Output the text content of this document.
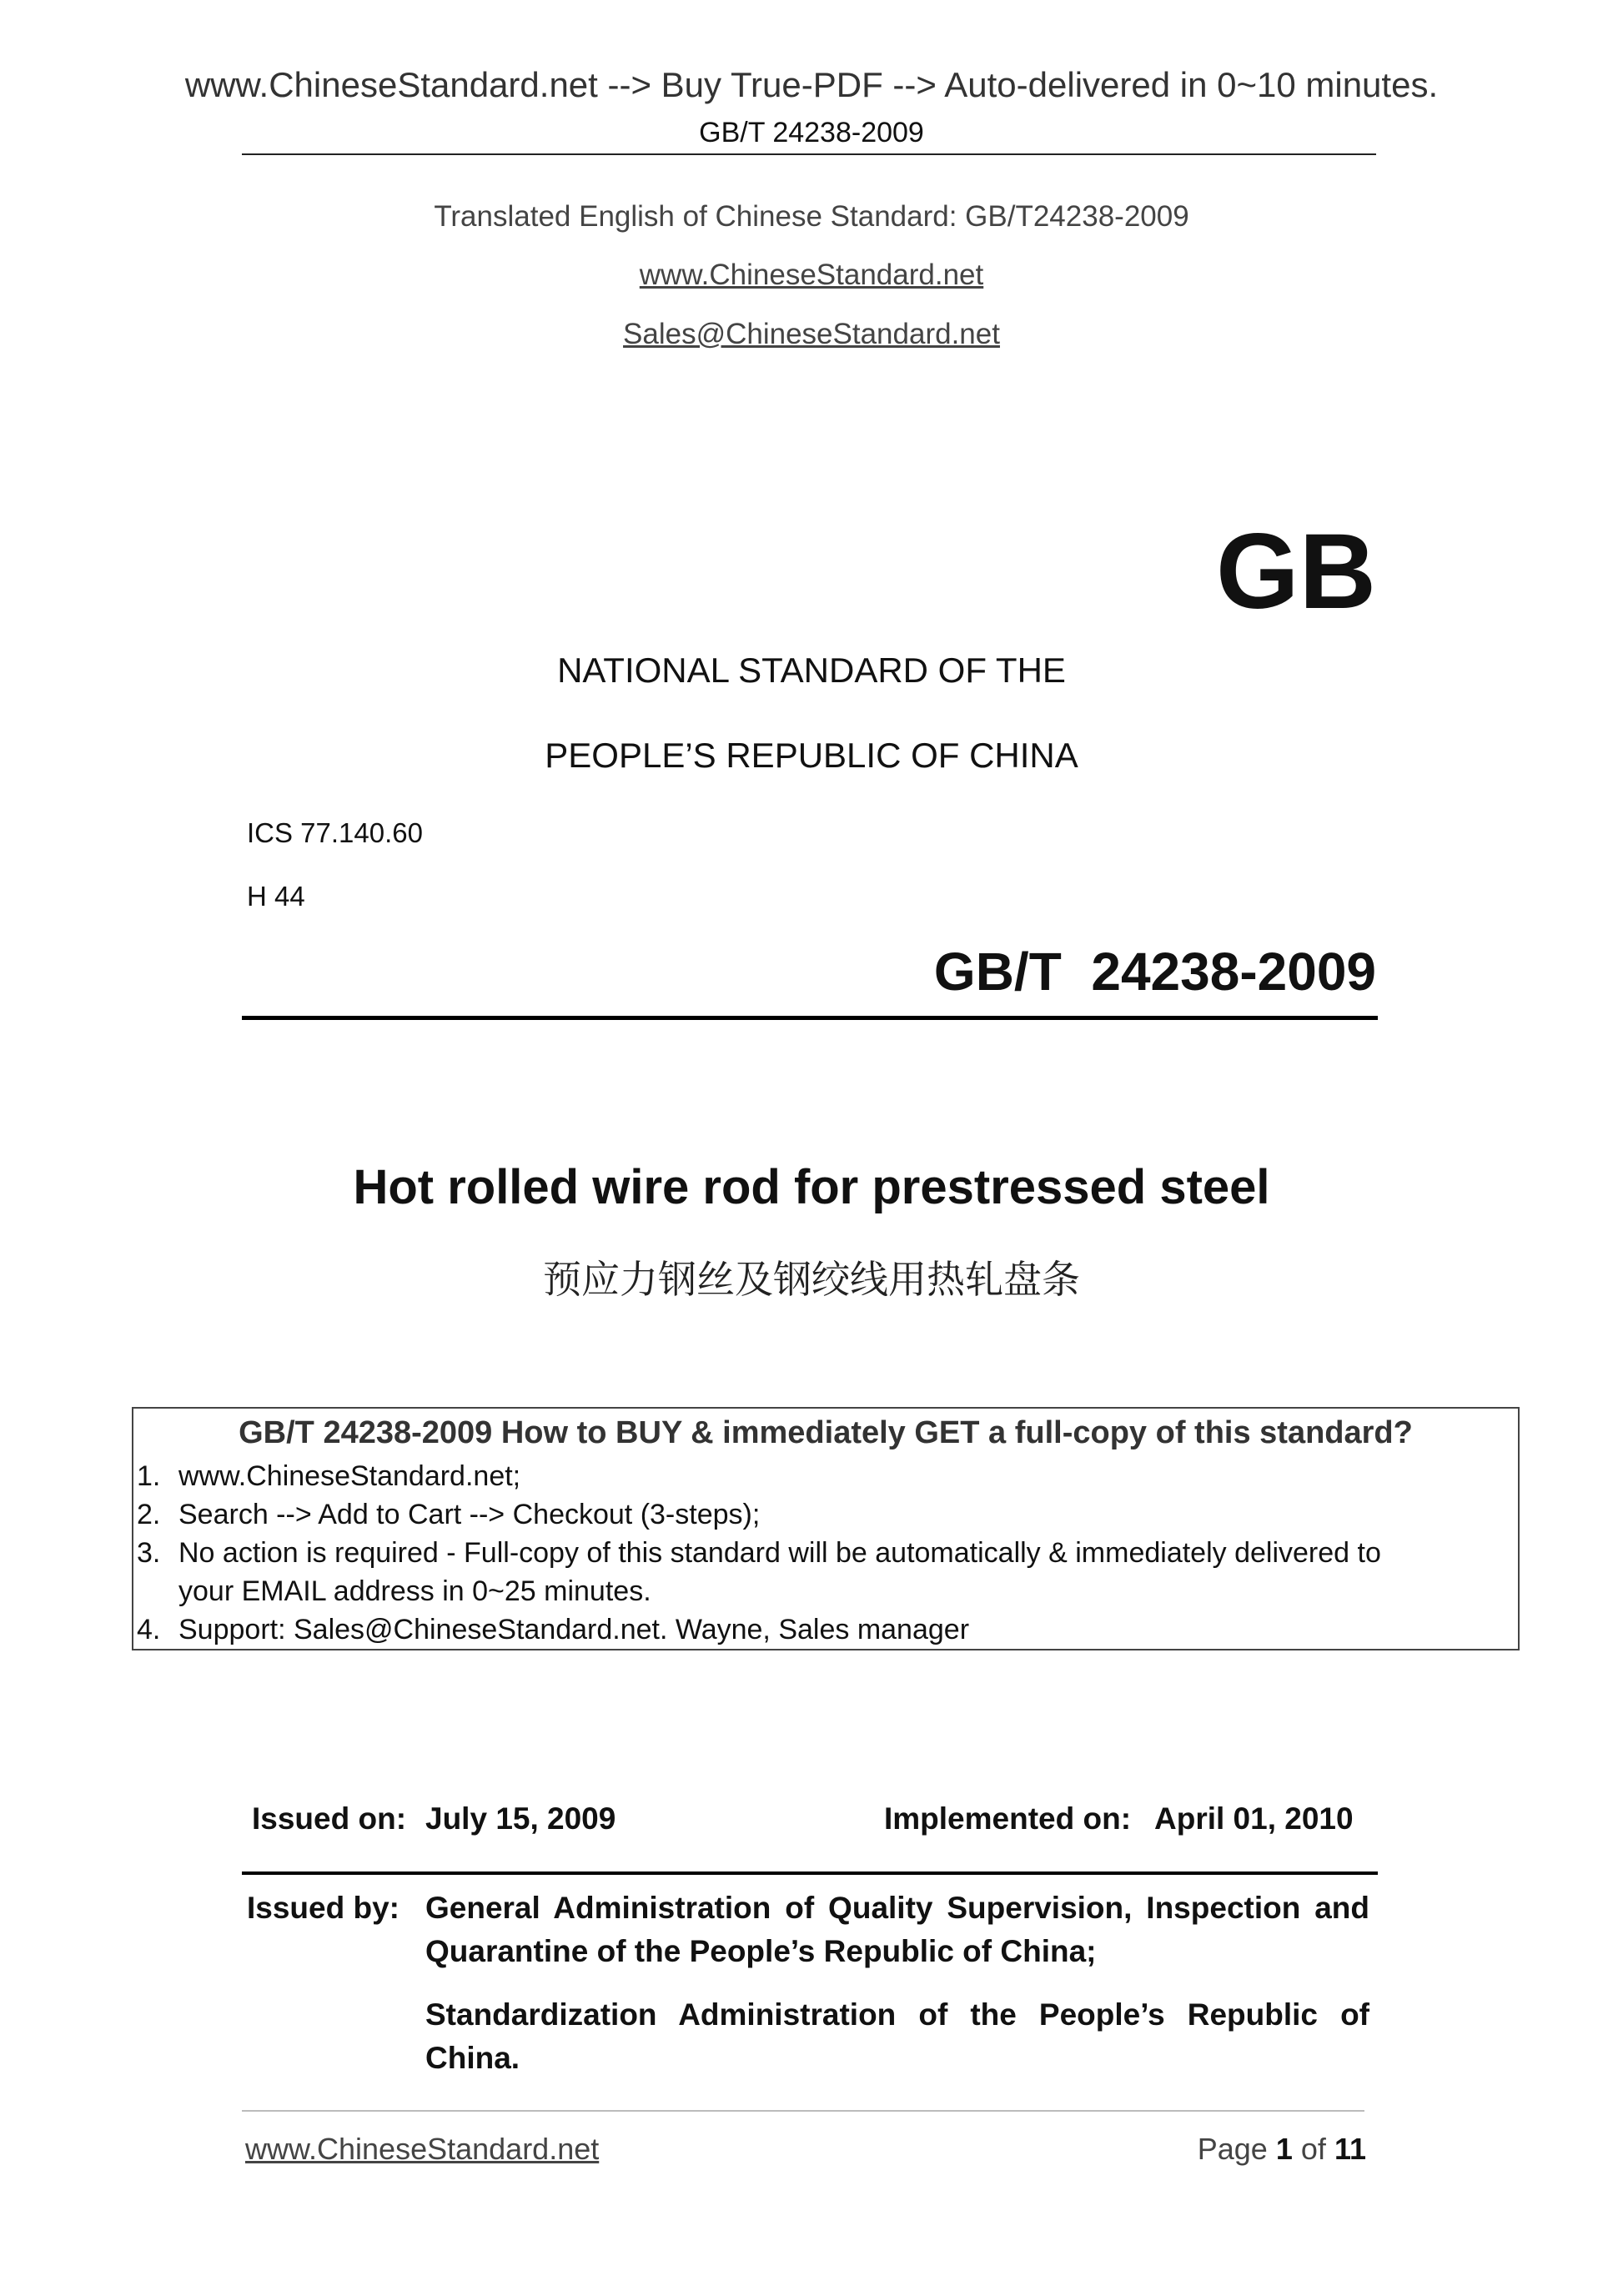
www.ChineseStandard.net --> Buy True-PDF --> Auto-delivered in 0~10 minutes.
GB/T 24238-2009
Translated English of Chinese Standard: GB/T24238-2009
www.ChineseStandard.net
Sales@ChineseStandard.net
GB
NATIONAL STANDARD OF THE
PEOPLE’S REPUBLIC OF CHINA
ICS 77.140.60
H 44
GB/T  24238-2009
Hot rolled wire rod for prestressed steel
预应力钢丝及钢绞线用热轧盘条
GB/T 24238-2009 How to BUY & immediately GET a full-copy of this standard?
1. www.ChineseStandard.net;
2. Search --> Add to Cart --> Checkout (3-steps);
3. No action is required - Full-copy of this standard will be automatically & immediately delivered to
your EMAIL address in 0~25 minutes.
4. Support: Sales@ChineseStandard.net. Wayne, Sales manager
Issued on: July 15, 2009	Implemented on: April 01, 2010
Issued by: General Administration of Quality Supervision, Inspection and Quarantine of the People’s Republic of China;
Standardization Administration of the People’s Republic of China.
www.ChineseStandard.net	Page 1 of 11
